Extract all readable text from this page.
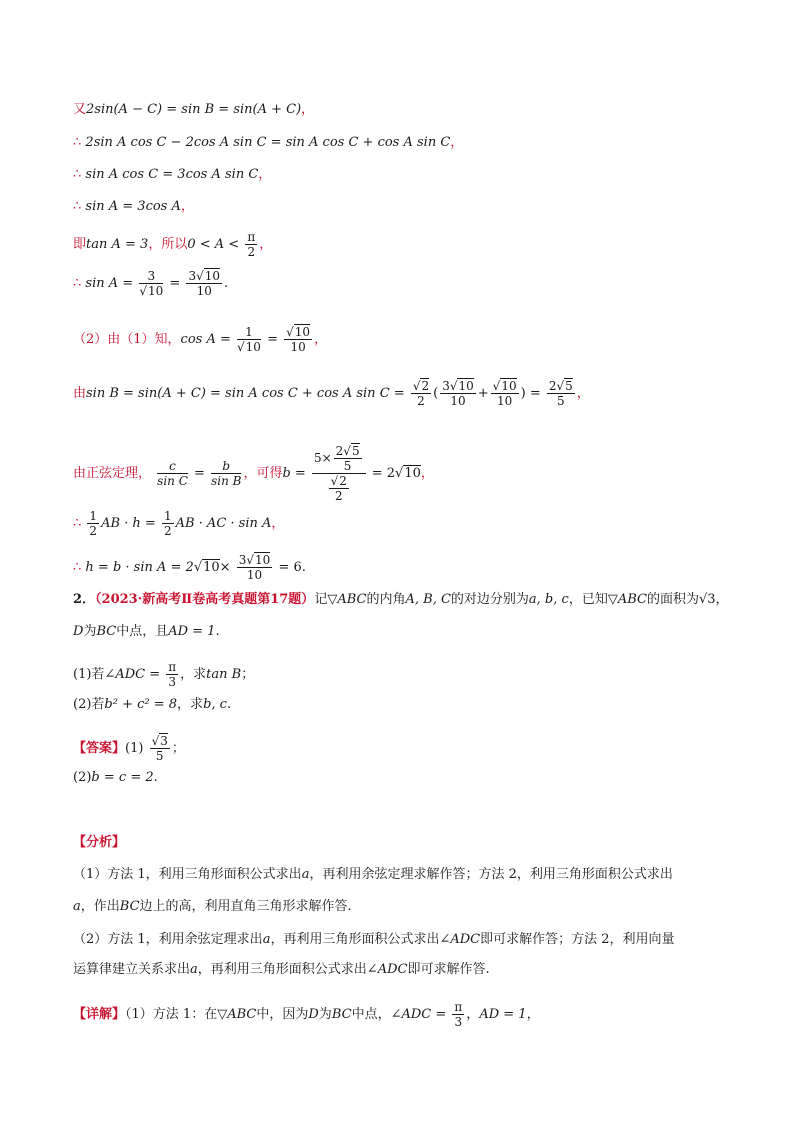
又2sin(A − C) = sin B = sin(A + C)，
∴ 2sin A cos C − 2cos A sin C = sin A cos C + cos A sin C，
∴ sin A cos C = 3cos A sin C，
∴ sin A = 3cos A，
即tan A = 3，所以$0 < A < \frac{\pi}{2}$ ，
∴ sin A = 3
√ $10 = \frac{3√ 10}{10}$ .
（2）由（1）知，cos A = 1
√ 10 =
√ $\frac{10}{10}$ ，
由sin B = sin(A + C) = sin A cos C + cos A sin C =
√ $\frac{2}{2}$ ( $\frac{3√ 10}{10}$ +
√ $\frac{10}{10}$ ) = $\frac{2√ 5}{5}$ ，
由正弦定理， $\frac{c}{\text{sin C}} = \frac{b}{\text{sin B}}$ ，可得$b = 5\times \frac{2√ 5}{5}$
√ $\frac{2}{2} = 2√$ 10，
∴ $\frac{1}{2}$ AB · $h = \frac{1}{2}$ AB · AC · sin A，
∴ h = b · sin A = 2√ $10\times \frac{3√ 10}{10} = 6$.
2．（2023·新高考Ⅱ卷高考真题第17题）记▽ABC的内角A, B, C的对边分别为a, b, c，已知▽ABC的面积为√3，
D为BC中点，且AD = 1.
(1)若∠ADC = $\frac{\pi}{3}$ ，求tan B；
(2)若b² + c² = 8，求b, c.
【答案】(1)
√ $\frac{3}{5}$ ；
(2)b = c = 2.
【分析】
（1）方法 1，利用三角形面积公式求出a，再利用余弦定理求解作答；方法 2，利用三角形面积公式求出
a，作出BC边上的高，利用直角三角形求解作答.
（2）方法 1，利用余弦定理求出a，再利用三角形面积公式求出∠ADC即可求解作答；方法 2，利用向量
运算律建立关系求出a，再利用三角形面积公式求出∠ADC即可求解作答.
【详解】（1）方法 1：在▽ABC中，因为D为BC中点，∠ADC = $\frac{\pi}{3}$ ，AD = 1，
